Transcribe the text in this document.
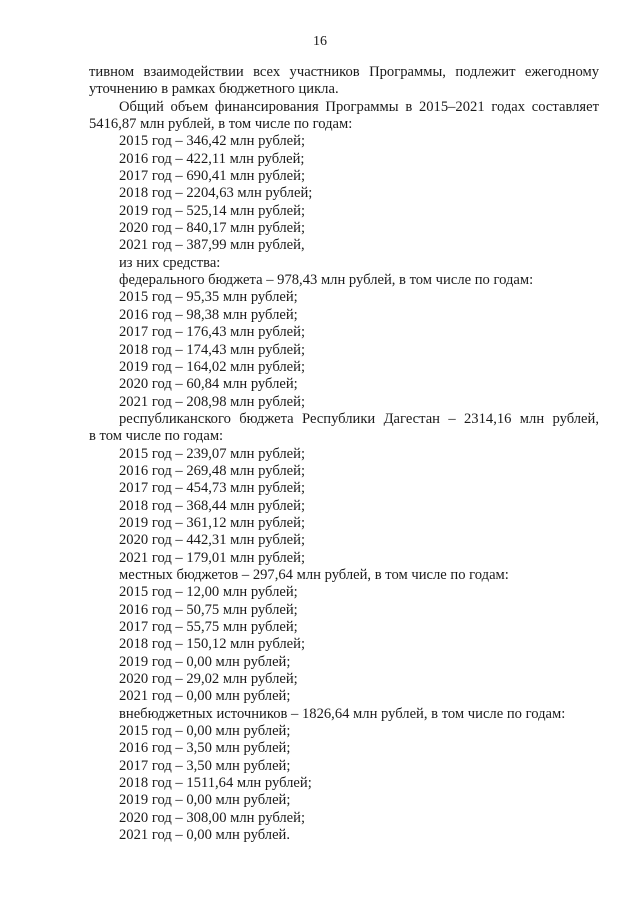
16
тивном взаимодействии всех участников Программы, подлежит ежегодному
уточнению в рамках бюджетного цикла.
Общий объем финансирования Программы в 2015–2021 годах составляет
5416,87 млн рублей, в том числе по годам:
2015 год – 346,42 млн рублей;
2016 год – 422,11 млн рублей;
2017 год – 690,41 млн рублей;
2018 год – 2204,63 млн рублей;
2019 год – 525,14 млн рублей;
2020 год – 840,17 млн рублей;
2021 год – 387,99 млн рублей,
из них средства:
федерального бюджета – 978,43 млн рублей, в том числе по годам:
2015 год – 95,35 млн рублей;
2016 год – 98,38 млн рублей;
2017 год – 176,43 млн рублей;
2018 год – 174,43 млн рублей;
2019 год – 164,02 млн рублей;
2020 год – 60,84 млн рублей;
2021 год – 208,98 млн рублей;
республиканского бюджета Республики Дагестан – 2314,16 млн рублей,
в том числе по годам:
2015 год – 239,07 млн рублей;
2016 год – 269,48 млн рублей;
2017 год – 454,73 млн рублей;
2018 год – 368,44 млн рублей;
2019 год – 361,12 млн рублей;
2020 год – 442,31 млн рублей;
2021 год – 179,01 млн рублей;
местных бюджетов – 297,64 млн рублей, в том числе по годам:
2015 год – 12,00 млн рублей;
2016 год – 50,75 млн рублей;
2017 год – 55,75 млн рублей;
2018 год – 150,12 млн рублей;
2019 год – 0,00 млн рублей;
2020 год – 29,02 млн рублей;
2021 год – 0,00 млн рублей;
внебюджетных источников – 1826,64 млн рублей, в том числе по годам:
2015 год – 0,00 млн рублей;
2016 год – 3,50 млн рублей;
2017 год – 3,50 млн рублей;
2018 год – 1511,64 млн рублей;
2019 год – 0,00 млн рублей;
2020 год – 308,00 млн рублей;
2021 год – 0,00 млн рублей.
